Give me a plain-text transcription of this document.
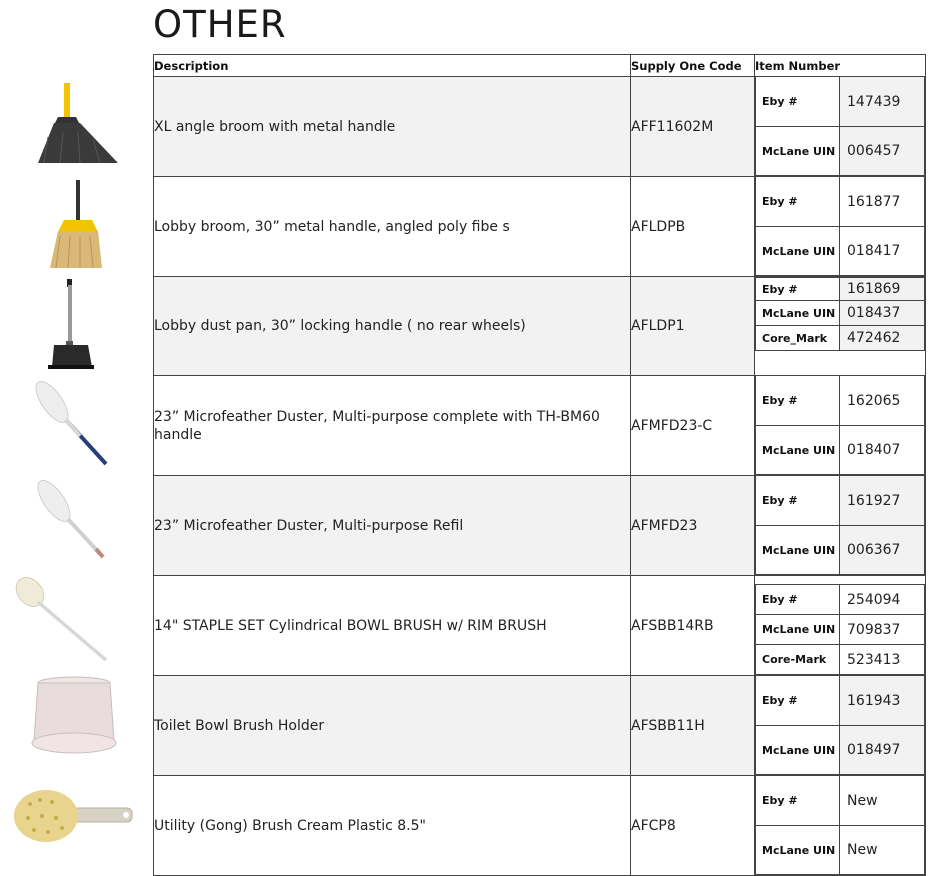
OTHER
Description	Supply One Code	Item Number
XL angle broom with metal handle	AFF11602M	
Eby #	147439
McLane UIN	006457

Lobby broom, 30” metal handle, angled poly fibe s	AFLDPB	
Eby #	161877
McLane UIN	018417

Lobby dust pan, 30” locking handle ( no rear wheels)	AFLDP1	
Eby #	161869
McLane UIN	018437
Core_Mark	472462

23” Microfeather Duster, Multi-purpose complete with TH-BM60 handle	AFMFD23-C	
Eby #	162065
McLane UIN	018407

23” Microfeather Duster, Multi-purpose Refil	AFMFD23	
Eby #	161927
McLane UIN	006367

14" STAPLE SET Cylindrical BOWL BRUSH w/ RIM BRUSH	AFSBB14RB	
Eby #	254094
McLane UIN	709837
Core-Mark	523413

Toilet Bowl Brush Holder	AFSBB11H	
Eby #	161943
McLane UIN	018497

Utility (Gong) Brush Cream Plastic 8.5"	AFCP8	
Eby #	New
McLane UIN	New
